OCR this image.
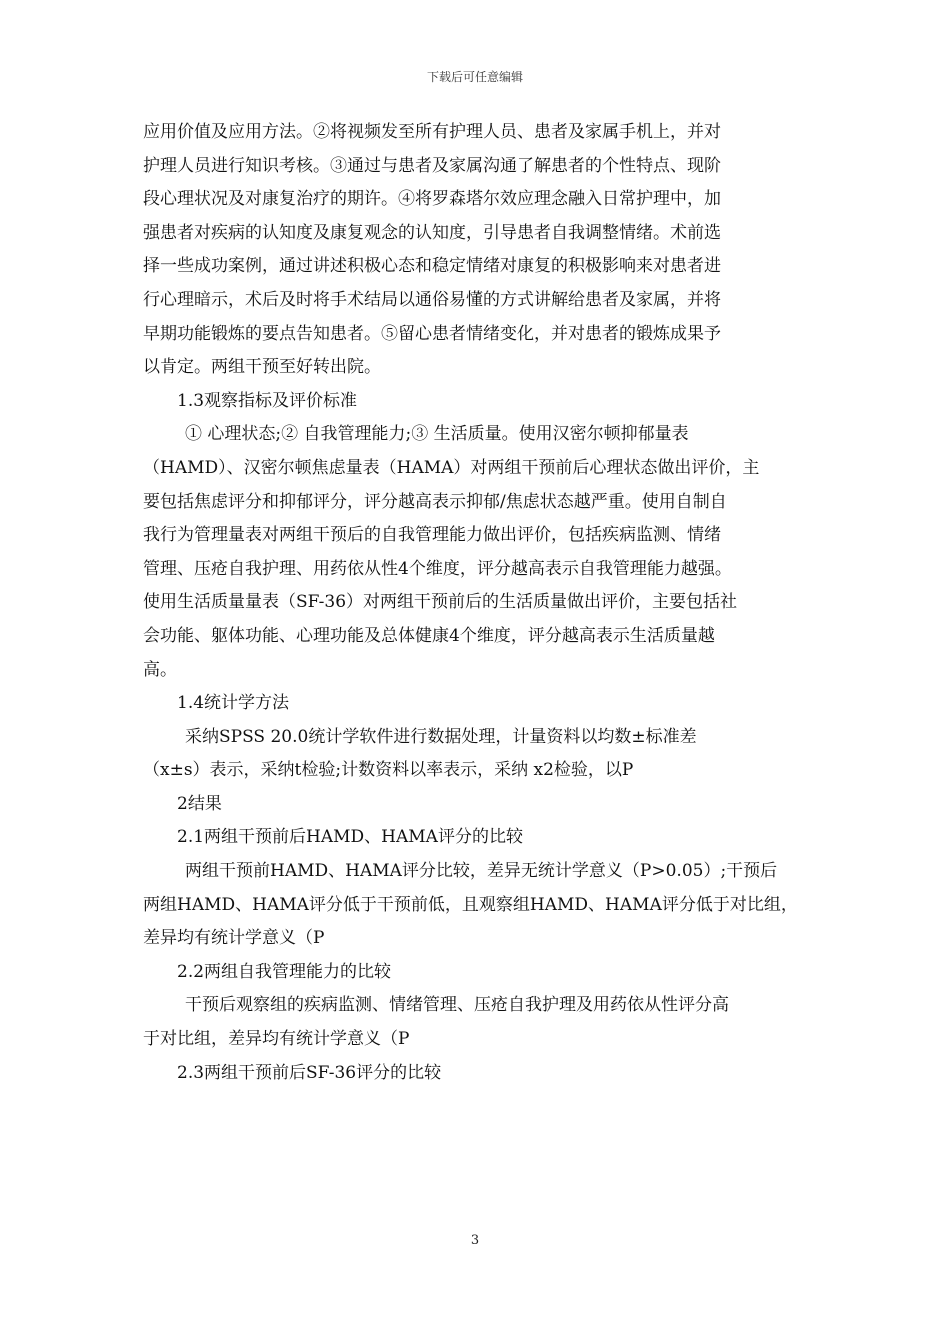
下载后可任意编辑

应用价值及应用方法。②将视频发至所有护理人员、患者及家属手机上，并对

护理人员进行知识考核。③通过与患者及家属沟通了解患者的个性特点、现阶

段心理状况及对康复治疗的期许。④将罗森塔尔效应理念融入日常护理中，加

强患者对疾病的认知度及康复观念的认知度，引导患者自我调整情绪。术前选

择一些成功案例，通过讲述积极心态和稳定情绪对康复的积极影响来对患者进

行心理暗示，术后及时将手术结局以通俗易懂的方式讲解给患者及家属，并将

早期功能锻炼的要点告知患者。⑤留心患者情绪变化，并对患者的锻炼成果予

以肯定。两组干预至好转出院。

1.3观察指标及评价标准

① 心理状态;② 自我管理能力;③ 生活质量。使用汉密尔顿抑郁量表

（HAMD）、汉密尔顿焦虑量表（HAMA）对两组干预前后心理状态做出评价，主

要包括焦虑评分和抑郁评分，评分越高表示抑郁/焦虑状态越严重。使用自制自

我行为管理量表对两组干预后的自我管理能力做出评价，包括疾病监测、情绪

管理、压疮自我护理、用药依从性4个维度，评分越高表示自我管理能力越强。

使用生活质量量表（SF-36）对两组干预前后的生活质量做出评价，主要包括社

会功能、躯体功能、心理功能及总体健康4个维度，评分越高表示生活质量越

高。

1.4统计学方法

采纳SPSS 20.0统计学软件进行数据处理，计量资料以均数±标准差

（x±s）表示，采纳t检验;计数资料以率表示，采纳 x2检验，以P

2结果

2.1两组干预前后HAMD、HAMA评分的比较

两组干预前HAMD、HAMA评分比较，差异无统计学意义（P>0.05）;干预后

两组HAMD、HAMA评分低于干预前低，且观察组HAMD、HAMA评分低于对比组，

差异均有统计学意义（P

2.2两组自我管理能力的比较

干预后观察组的疾病监测、情绪管理、压疮自我护理及用药依从性评分高

于对比组，差异均有统计学意义（P

2.3两组干预前后SF-36评分的比较

3
